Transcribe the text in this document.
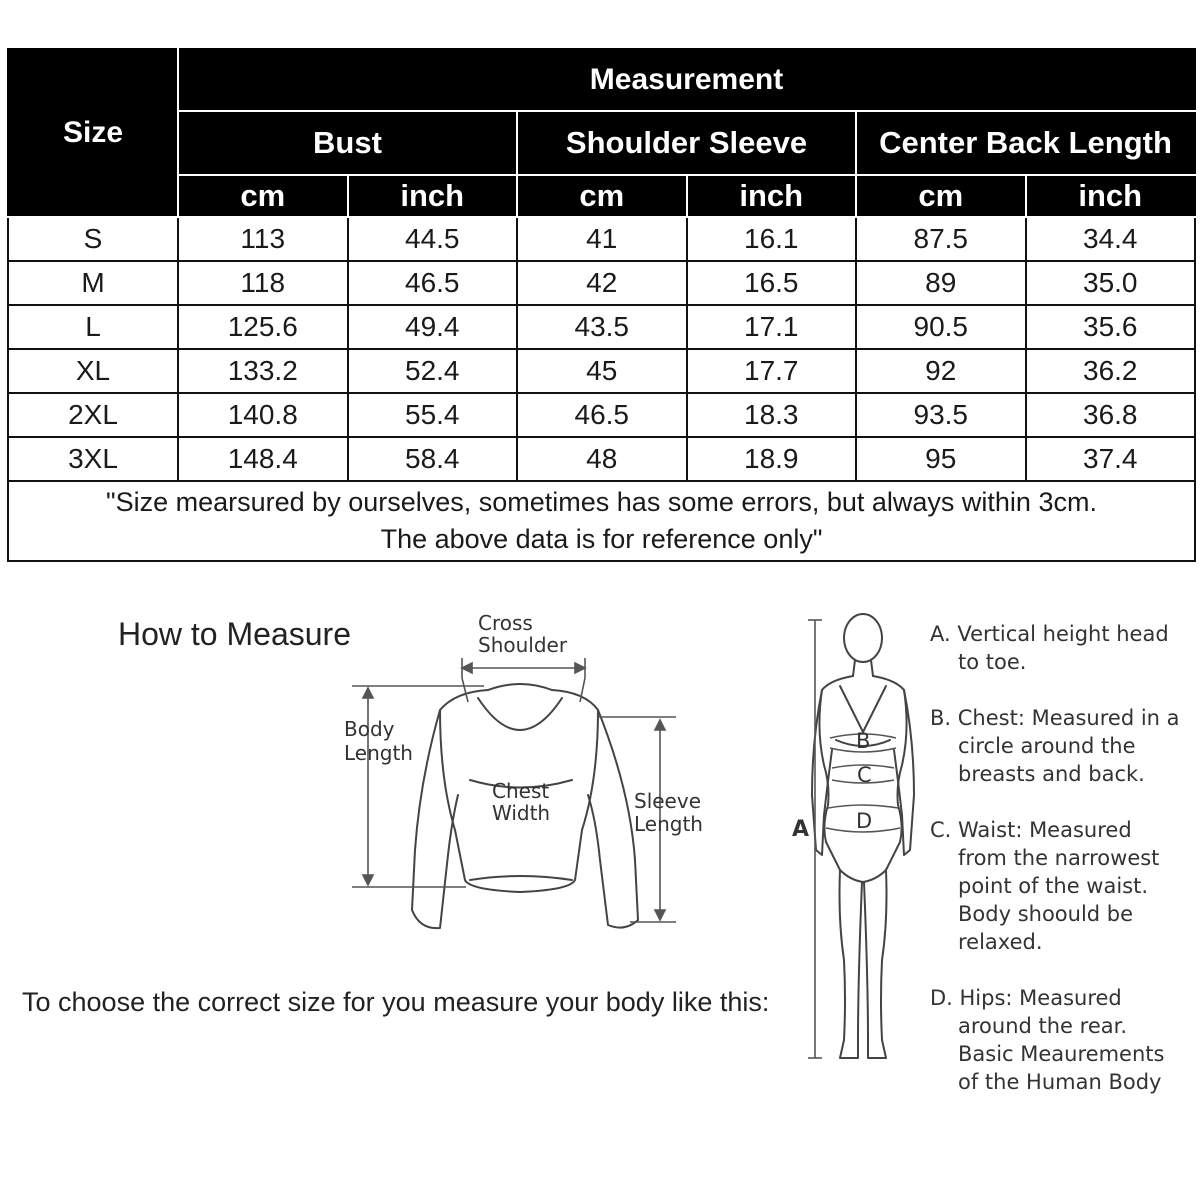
Size	Measurement					
	Bust		Shoulder Sleeve		Center Back Length	
	cm	inch	cm	inch	cm	inch
S	113	44.5	41	16.1	87.5	34.4
M	118	46.5	42	16.5	89	35.0
L	125.6	49.4	43.5	17.1	90.5	35.6
XL	133.2	52.4	45	17.7	92	36.2
2XL	140.8	55.4	46.5	18.3	93.5	36.8
3XL	148.4	58.4	48	18.9	95	37.4
"Size mearsured by ourselves, sometimes has some errors, but always within 3cm.
The above data is for reference only"						
How to Measure	Cross
Shoulder
Body
Length
Chest
Width	Sleeve
Length	A
B
C
D
To choose the correct size for you measure your body like this:
A. Vertical height head
to toe.
B. Chest: Measured in a
circle around the
breasts and back.
C. Waist: Measured
from the narrowest
point of the waist.
Body shoould be
relaxed.
D. Hips: Measured
around the rear.
Basic Meaurements
of the Human Body
